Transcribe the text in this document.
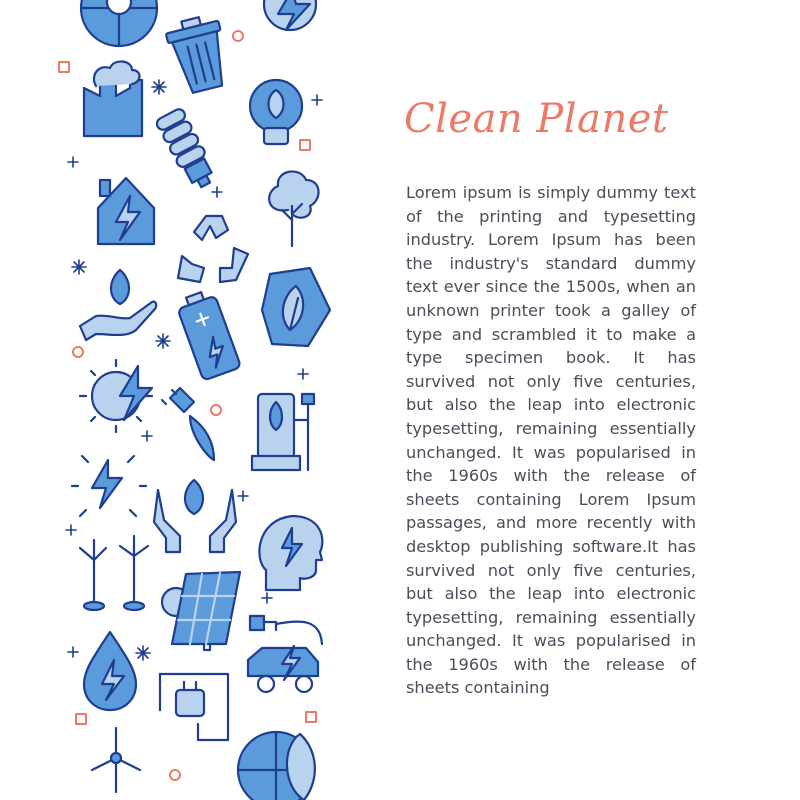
Clean Planet

Lorem ipsum is simply dummy text of the printing and typesetting industry. Lorem Ipsum has been the industry's standard dummy text ever since the 1500s, when an unknown printer took a galley of type and scrambled it to make a type specimen book. It has survived not only five centuries, but also the leap into electronic typesetting, remaining essentially unchanged. It was popularised in the 1960s with the release of sheets containing Lorem Ipsum passages, and more recently with desktop publishing software.It has survived not only five centuries, but also the leap into electronic typesetting, remaining essentially unchanged. It was popularised in the 1960s with the release of sheets containing
